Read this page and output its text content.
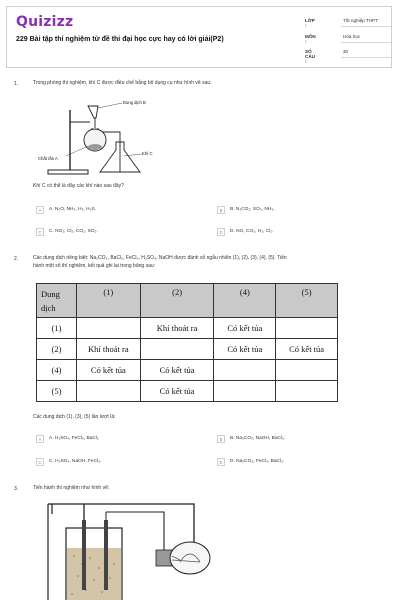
Quizizz
229 Bài tập thí nghiệm từ đề thi đại học cực hay có lời giải(P2)
LỚP :
Tốt nghiệp THPT
MÔN :
Hóa học
SỐ CÂU :
30
1.	Trong phòng thí nghiệm, khí C được điều chế bằng bộ dụng cụ như hình vẽ sau:
Dung dịch B
Chất rắn A
Khí C
Khí C có thể là dãy các khí nào sau đây?
A	A. N₂O, NH₃, H₂, H₂S.	B	B. N₂CO₂, SO₂, NH₃.
C	C. NO₂, Cl₂, CO₂, SO₂.	D	D. NO, CO₂, H₂, Cl₂.
2.	Các dung dịch riêng biệt: Na₂CO₃, BaCl₂, FeCl₃, H₂SO₄, NaOH được đánh số ngẫu nhiên (1), (2), (3), (4), (5). Tiến
hành một số thí nghiệm, kết quả ghi lại trong bảng sau:
Dung dịch	(1)	(2)	(4)	(5)
(1)		Khí thoát ra	Có kết tủa	
(2)	Khí thoát ra		Có kết tủa	Có kết tủa
(4)	Có kết tủa	Có kết tủa		
(5)		Có kết tủa		
Các dung dịch (1), (3), (5) lần lượt là:
A	A. H₂SO₄, FeCl₃, BaCl₂	B	B. Na₂CO₃, NaOH, BaCl₂.
C	C. H₂SO₄, NaOH, FeCl₃.	D	D. Na₂CO₃, FeCl₃, BaCl₂.
3.	Tiến hành thí nghiệm như hình vẽ:
